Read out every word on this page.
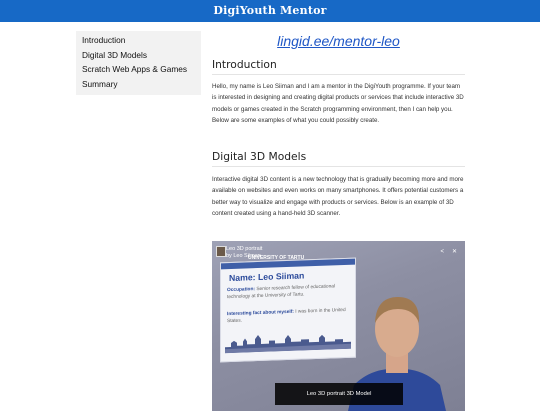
DigiYouth Mentor
Introduction
Digital 3D Models
Scratch Web Apps & Games
Summary
lingid.ee/mentor-leo
Introduction

Hello, my name is Leo Siiman and I am a mentor in the DigiYouth programme. If your team is interested in designing and creating digital products or services that include interactive 3D models or games created in the Scratch programming environment, then I can help you. Below are some examples of what you could possibly create.

Digital 3D Models

Interactive digital 3D content is a new technology that is gradually becoming more and more available on websites and even works on many smartphones. It offers potential customers a better way to visualize and engage with products or services. Below is an example of 3D content created using a hand-held 3D scanner.

Name: Leo Siiman
Occupation: Senior research fellow of educational technology at the University of Tartu.
Interesting fact about myself: I was born in the United States.
Leo 3D portrait
by Leo Siiman
UNIVERSITY OF TARTU
< ✕
Leo 3D portrait 3D Model
